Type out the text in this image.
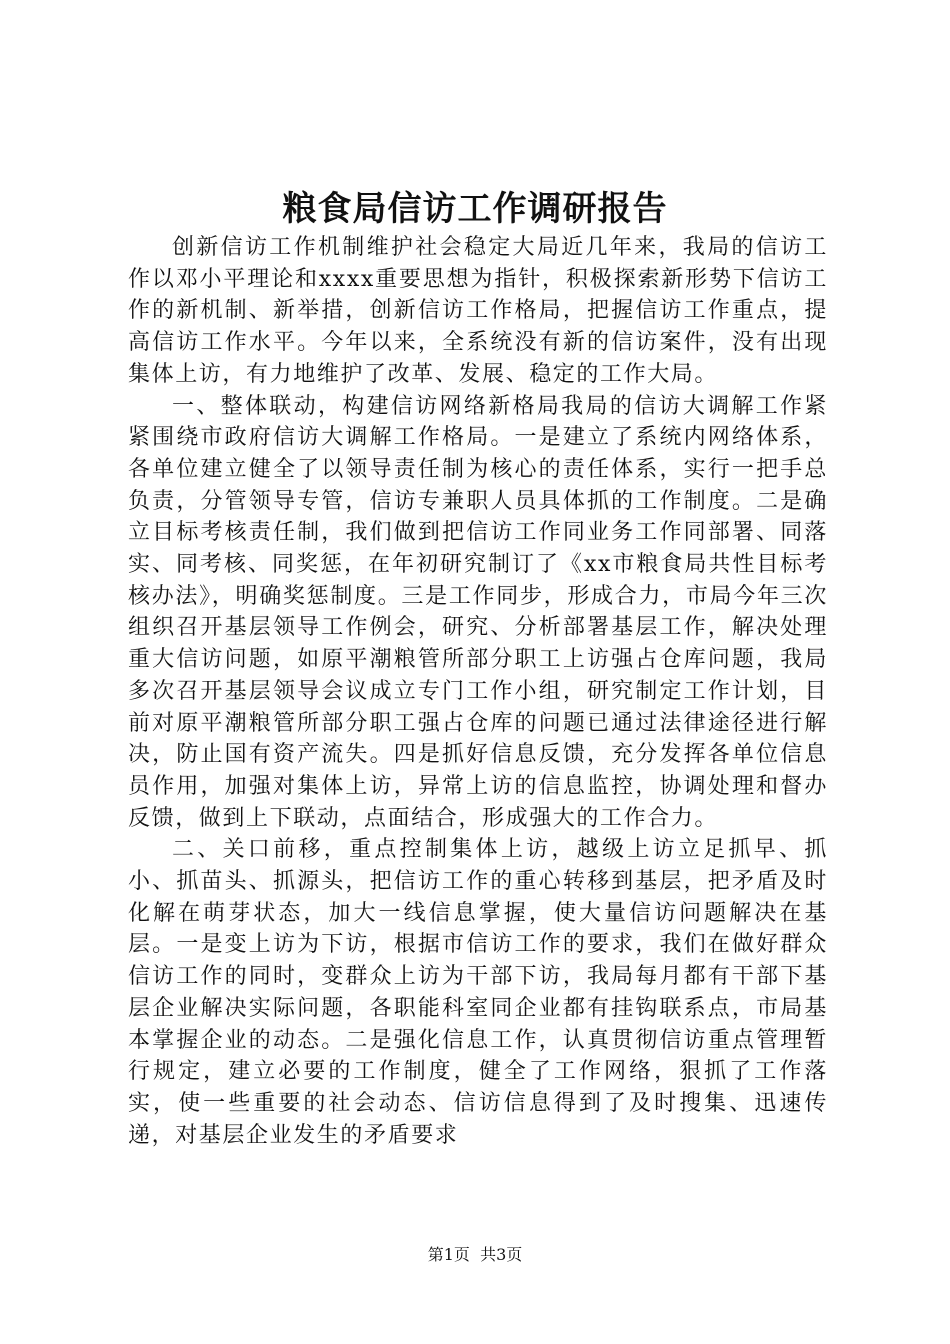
粮食局信访工作调研报告

创新信访工作机制维护社会稳定大局近几年来，我局的信访工作以邓小平理论和xxxx重要思想为指针，积极探索新形势下信访工作的新机制、新举措，创新信访工作格局，把握信访工作重点，提高信访工作水平。今年以来，全系统没有新的信访案件，没有出现集体上访，有力地维护了改革、发展、稳定的工作大局。

一、整体联动，构建信访网络新格局我局的信访大调解工作紧紧围绕市政府信访大调解工作格局。一是建立了系统内网络体系，各单位建立健全了以领导责任制为核心的责任体系，实行一把手总负责，分管领导专管，信访专兼职人员具体抓的工作制度。二是确立目标考核责任制，我们做到把信访工作同业务工作同部署、同落实、同考核、同奖惩，在年初研究制订了《xx市粮食局共性目标考核办法》，明确奖惩制度。三是工作同步，形成合力，市局今年三次组织召开基层领导工作例会，研究、分析部署基层工作，解决处理重大信访问题，如原平潮粮管所部分职工上访强占仓库问题，我局多次召开基层领导会议成立专门工作小组，研究制定工作计划，目前对原平潮粮管所部分职工强占仓库的问题已通过法律途径进行解决，防止国有资产流失。四是抓好信息反馈，充分发挥各单位信息员作用，加强对集体上访，异常上访的信息监控，协调处理和督办反馈，做到上下联动，点面结合，形成强大的工作合力。

二、关口前移，重点控制集体上访，越级上访立足抓早、抓小、抓苗头、抓源头，把信访工作的重心转移到基层，把矛盾及时化解在萌芽状态，加大一线信息掌握，使大量信访问题解决在基层。一是变上访为下访，根据市信访工作的要求，我们在做好群众信访工作的同时，变群众上访为干部下访，我局每月都有干部下基层企业解决实际问题，各职能科室同企业都有挂钩联系点，市局基本掌握企业的动态。二是强化信息工作，认真贯彻信访重点管理暂行规定，建立必要的工作制度，健全了工作网络，狠抓了工作落实，使一些重要的社会动态、信访信息得到了及时搜集、迅速传递，对基层企业发生的矛盾要求

第1页 共3页
